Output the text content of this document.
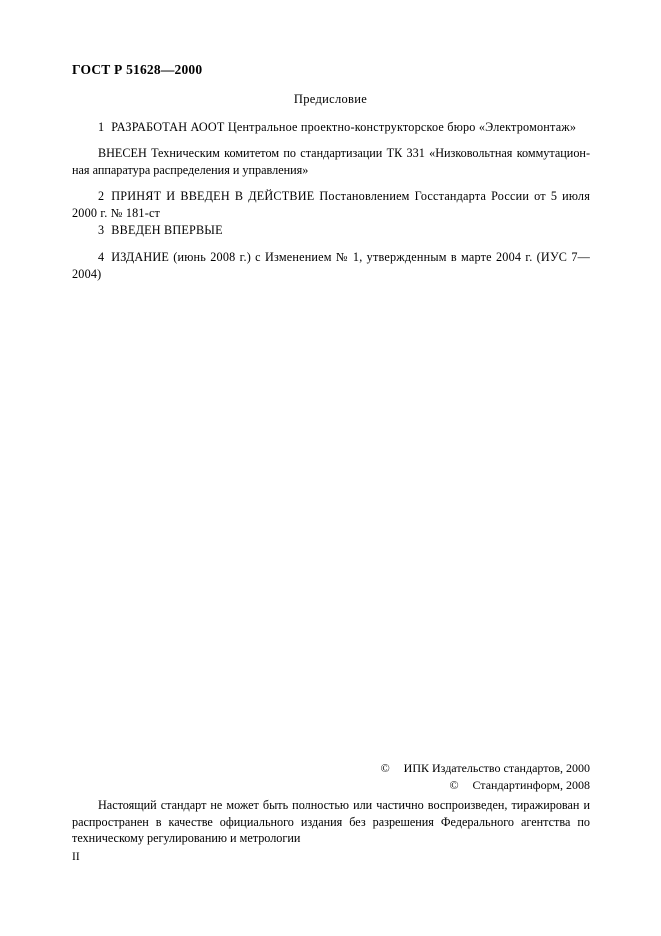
ГОСТ Р 51628—2000
Предисловие
1 РАЗРАБОТАН АООТ Центральное проектно-конструкторское бюро «Электромонтаж»
ВНЕСЕН Техническим комитетом по стандартизации ТК 331 «Низковольтная коммутацион-ная аппаратура распределения и управления»
2 ПРИНЯТ И ВВЕДЕН В ДЕЙСТВИЕ Постановлением Госстандарта России от 5 июля 2000 г. № 181-ст
3 ВВЕДЕН ВПЕРВЫЕ
4 ИЗДАНИЕ (июнь 2008 г.) с Изменением № 1, утвержденным в марте 2004 г. (ИУС 7—2004)
© ИПК Издательство стандартов, 2000
© Стандартинформ, 2008
Настоящий стандарт не может быть полностью или частично воспроизведен, тиражирован и распространен в качестве официального издания без разрешения Федерального агентства по техническому регулированию и метрологии
II
